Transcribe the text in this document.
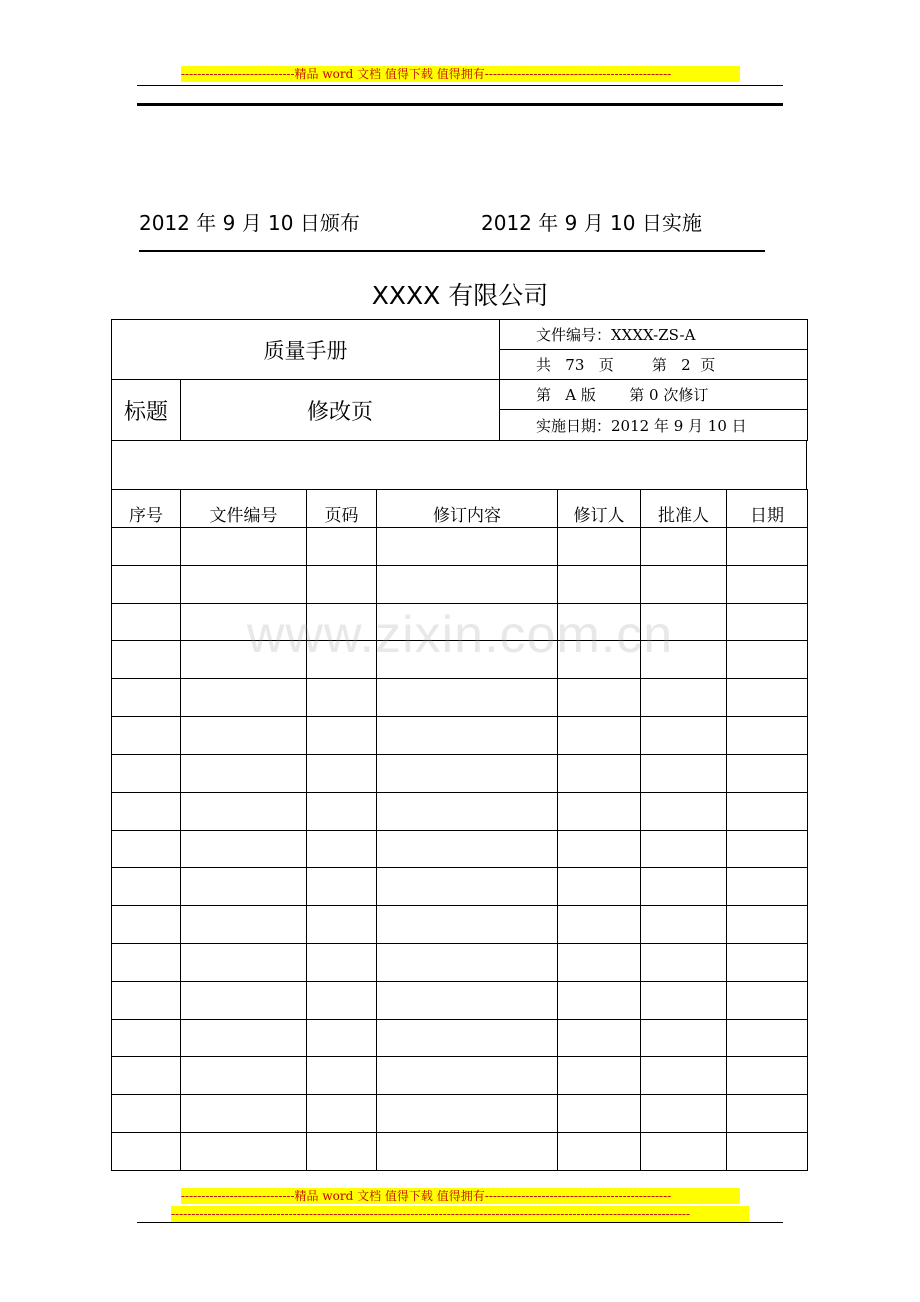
----------------------------精品 word 文档 值得下载 值得拥有----------------------------------------------
2012 年 9 月 10 日颁布	2012 年 9 月 10 日实施
XXXX 有限公司
质量手册		文件编号：XXXX-ZS-A
		共   73   页        第   2  页
标题	修改页	第   A 版       第 0 次修订
		实施日期：2012 年 9 月 10 日
序号	文件编号	页码	修订内容	修订人	批准人	日期

www.zixin.com.cn
----------------------------精品 word 文档 值得下载 值得拥有----------------------------------------------
--------------------------------------------------------------------------------------------------------------------------------
